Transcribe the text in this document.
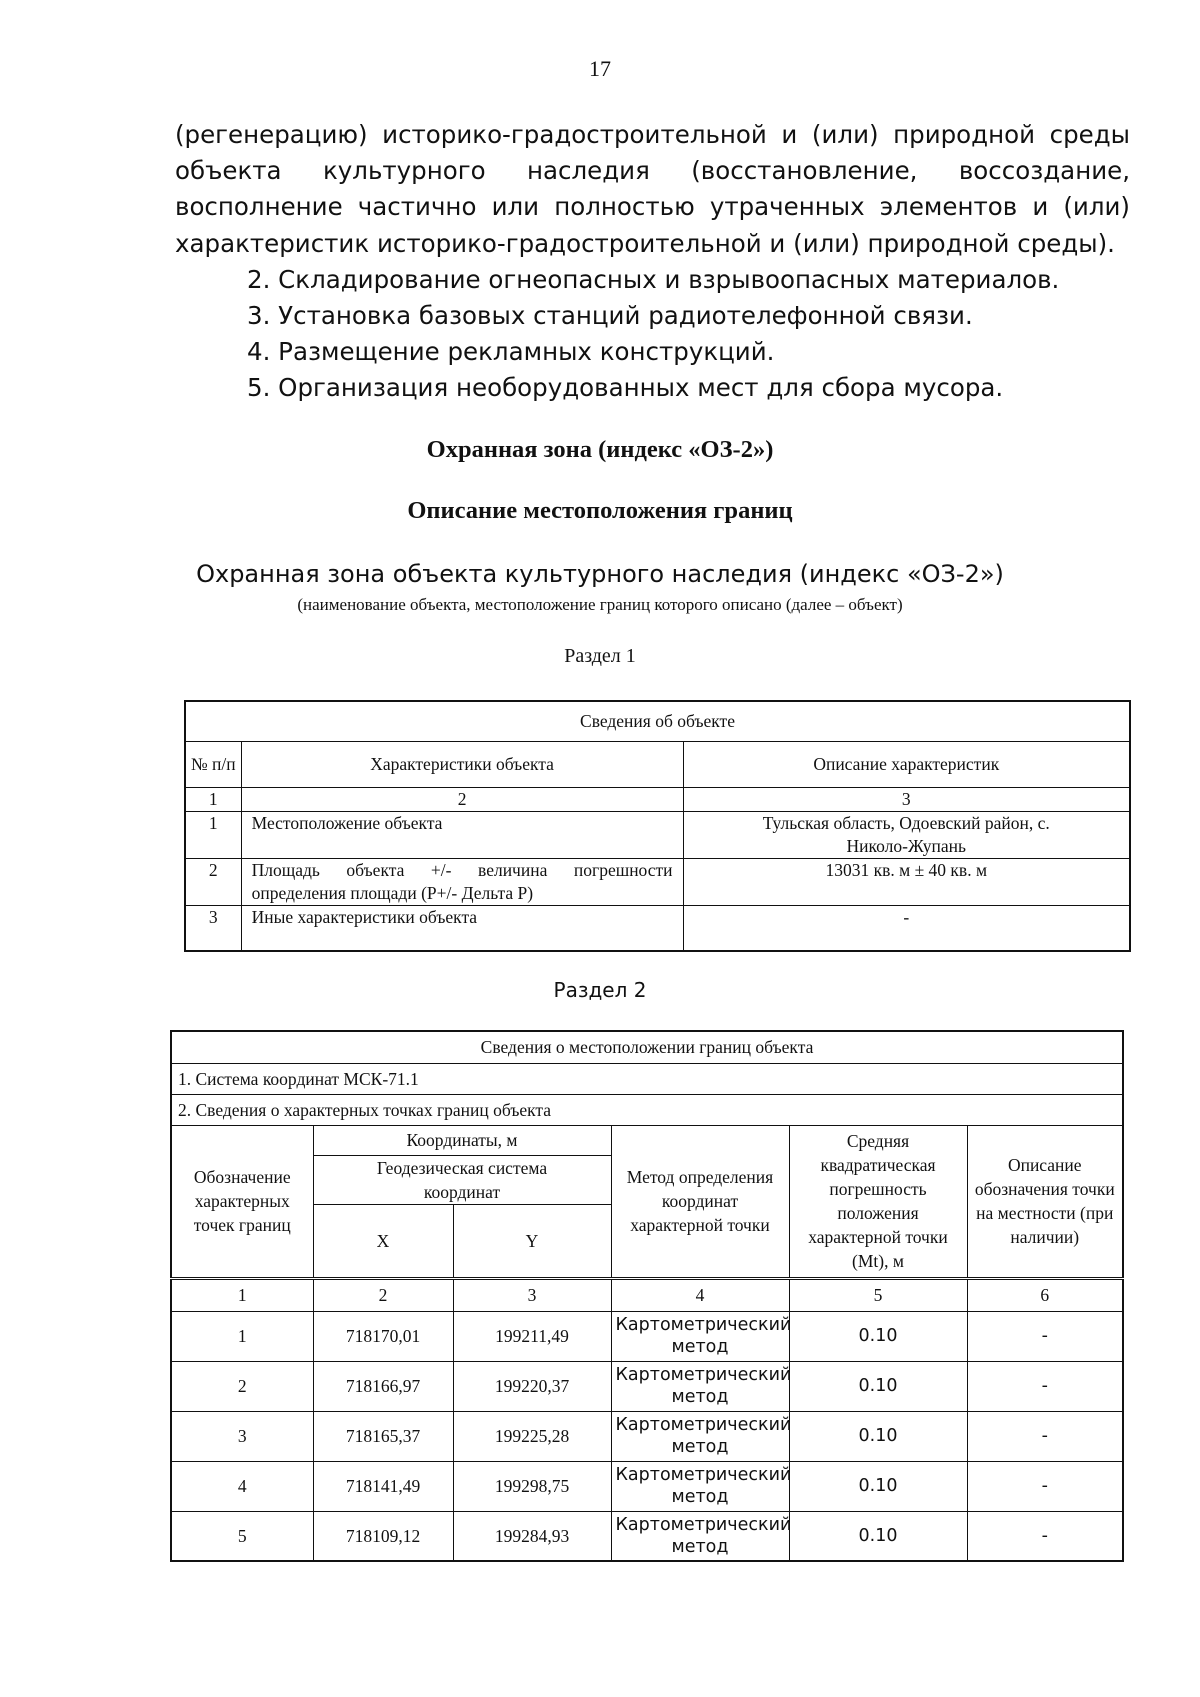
17

(регенерацию) историко-градостроительной и (или) природной среды объекта культурного наследия (восстановление, воссоздание, восполнение частично или полностью утраченных элементов и (или) характеристик историко-градостроительной и (или) природной среды).

2. Складирование огнеопасных и взрывоопасных материалов.

3. Установка базовых станций радиотелефонной связи.

4. Размещение рекламных конструкций.

5. Организация необорудованных мест для сбора мусора.

Охранная зона (индекс «ОЗ-2»)
Описание местоположения границ
Охранная зона объекта культурного наследия (индекс «ОЗ-2»)
(наименование объекта, местоположение границ которого описано (далее – объект)
Раздел 1
Сведения об объекте		
№ п/п	Характеристики объекта	Описание характеристик
1	2	3
1	Местоположение объекта	Тульская область, Одоевский район, с. Николо-Жупань
2	Площадь объекта +/- величина погрешности определения площади (Р+/- Дельта Р)	13031 кв. м ± 40 кв. м
3	Иные характеристики объекта	-
Раздел 2
Сведения о местоположении границ объекта					
1. Система координат МСК-71.1					
2. Сведения о характерных точках границ объекта					
Обозначение характерных точек границ	Координаты, м		Метод определения координат характерной точки	Средняя квадратическая погрешность положения характерной точки (Mt), м	Описание обозначения точки на местности (при наличии)
	Геодезическая система координат				
	X	Y			
1	2	3	4	5	6
1	718170,01	199211,49	Картометрический метод	0.10	-
2	718166,97	199220,37	Картометрический метод	0.10	-
3	718165,37	199225,28	Картометрический метод	0.10	-
4	718141,49	199298,75	Картометрический метод	0.10	-
5	718109,12	199284,93	Картометрический метод	0.10	-
